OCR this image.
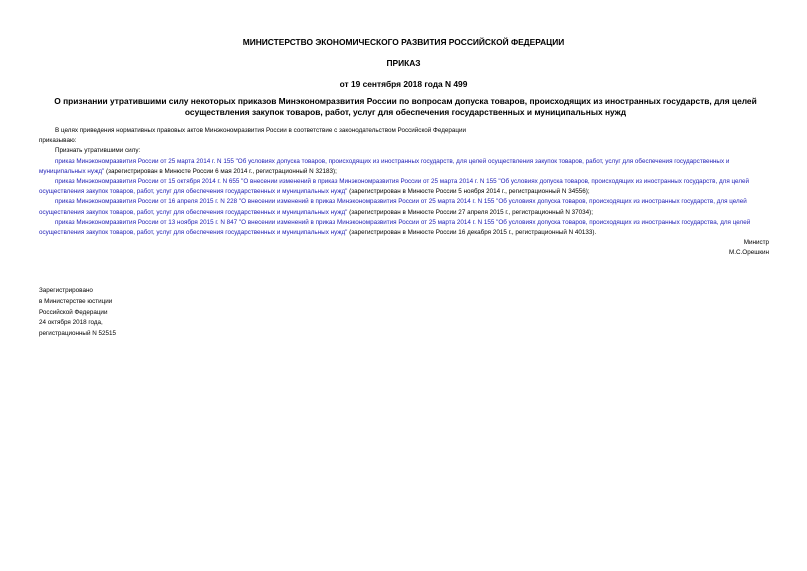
МИНИСТЕРСТВО ЭКОНОМИЧЕСКОГО РАЗВИТИЯ РОССИЙСКОЙ ФЕДЕРАЦИИ
ПРИКАЗ
от 19 сентября 2018 года N 499
О признании утратившими силу некоторых приказов Минэкономразвития России по вопросам допуска товаров, происходящих из иностранных государств, для целей осуществления закупок товаров, работ, услуг для обеспечения государственных и муниципальных нужд

В целях приведения нормативных правовых актов Минэкономразвития России в соответствие с законодательством Российской Федерации

приказываю:

Признать утратившими силу:

приказ Минэкономразвития России от 25 марта 2014 г. N 155 "Об условиях допуска товаров, происходящих из иностранных государств, для целей осуществления закупок товаров, работ, услуг для обеспечения государственных и муниципальных нужд" (зарегистрирован в Минюсте России 6 мая 2014 г., регистрационный N 32183);

приказ Минэкономразвития России от 15 октября 2014 г. N 655 "О внесении изменений в приказ Минэкономразвития России от 25 марта 2014 г. N 155 "Об условиях допуска товаров, происходящих из иностранных государств, для целей осуществления закупок товаров, работ, услуг для обеспечения государственных и муниципальных нужд" (зарегистрирован в Минюсте России 5 ноября 2014 г., регистрационный N 34556);

приказ Минэкономразвития России от 16 апреля 2015 г. N 228 "О внесении изменений в приказ Минэкономразвития России от 25 марта 2014 г. N 155 "Об условиях допуска товаров, происходящих из иностранных государств, для целей осуществления закупок товаров, работ, услуг для обеспечения государственных и муниципальных нужд" (зарегистрирован в Минюсте России 27 апреля 2015 г., регистрационный N 37034);

приказ Минэкономразвития России от 13 ноября 2015 г. N 847 "О внесении изменений в приказ Минэкономразвития России от 25 марта 2014 г. N 155 "Об условиях допуска товаров, происходящих из иностранных государства, для целей осуществления закупок товаров, работ, услуг для обеспечения государственных и муниципальных нужд" (зарегистрирован в Минюсте России 16 декабря 2015 г., регистрационный N 40133).

Министр

М.С.Орешкин

Зарегистрировано
в Министерстве юстиции
Российской Федерации
24 октября 2018 года,
регистрационный N 52515
